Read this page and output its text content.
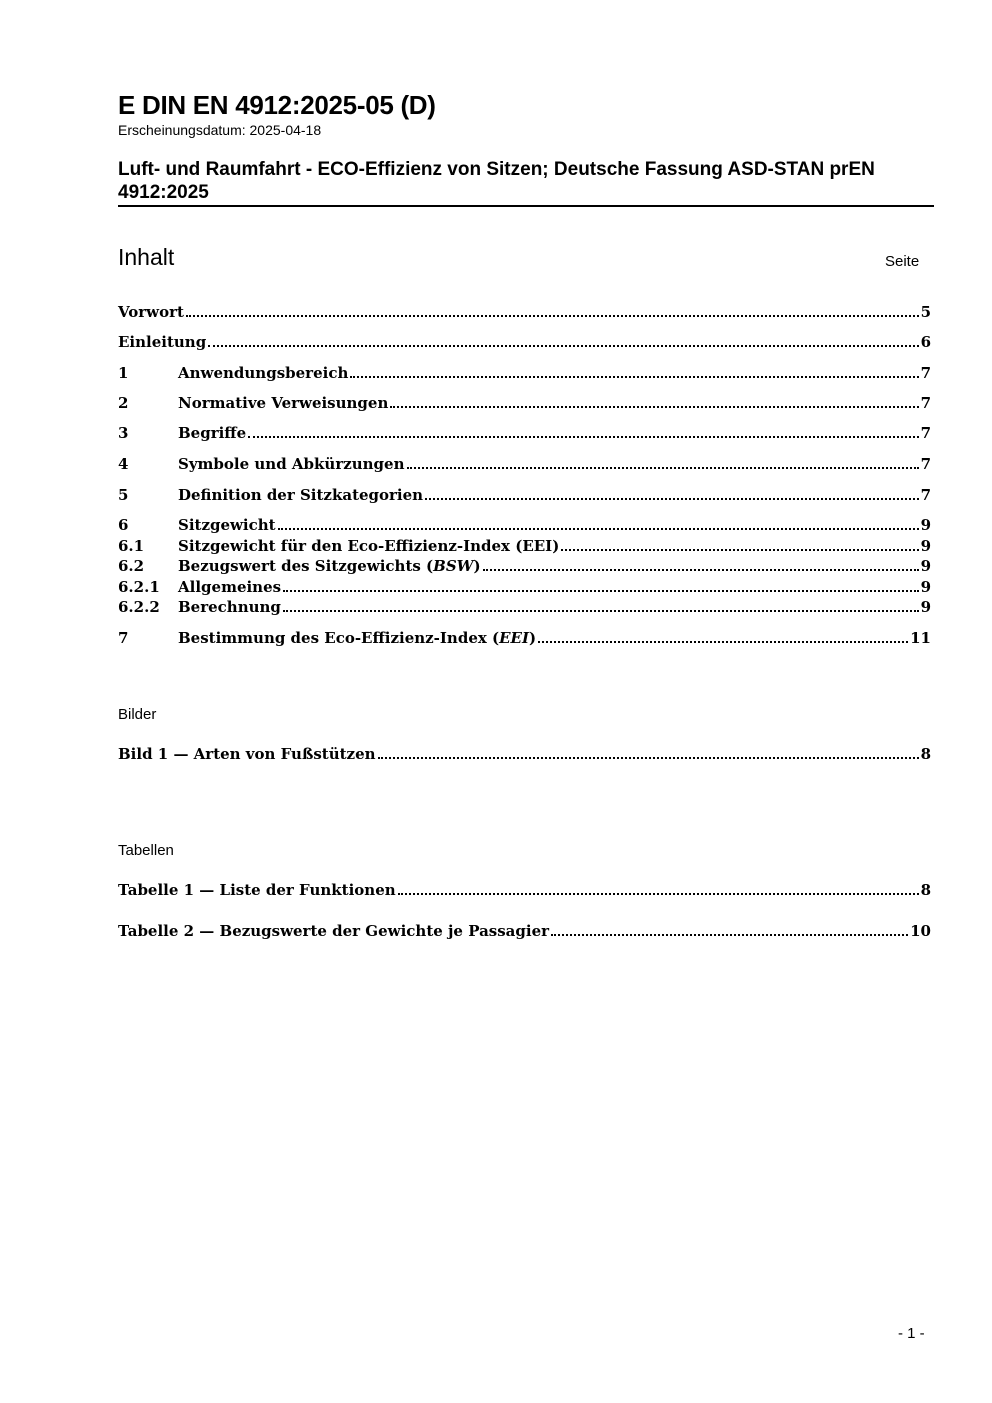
E DIN EN 4912:2025-05 (D)
Erscheinungsdatum: 2025-04-18
Luft- und Raumfahrt - ECO-Effizienz von Sitzen; Deutsche Fassung ASD-STAN prEN 4912:2025
Inhalt	Seite
Vorwort	5
Einleitung	6
1	Anwendungsbereich	7
2	Normative Verweisungen	7
3	Begriffe	7
4	Symbole und Abkürzungen	7
5	Definition der Sitzkategorien	7
6	Sitzgewicht	9
6.1	Sitzgewicht für den Eco-Effizienz-Index (EEI)	9
6.2	Bezugswert des Sitzgewichts (BSW)	9
6.2.1	Allgemeines	9
6.2.2	Berechnung	9
7	Bestimmung des Eco-Effizienz-Index (EEI)	11
Bilder
Bild 1 — Arten von Fußstützen	8
Tabellen
Tabelle 1 — Liste der Funktionen	8
Tabelle 2 — Bezugswerte der Gewichte je Passagier	10
- 1 -
